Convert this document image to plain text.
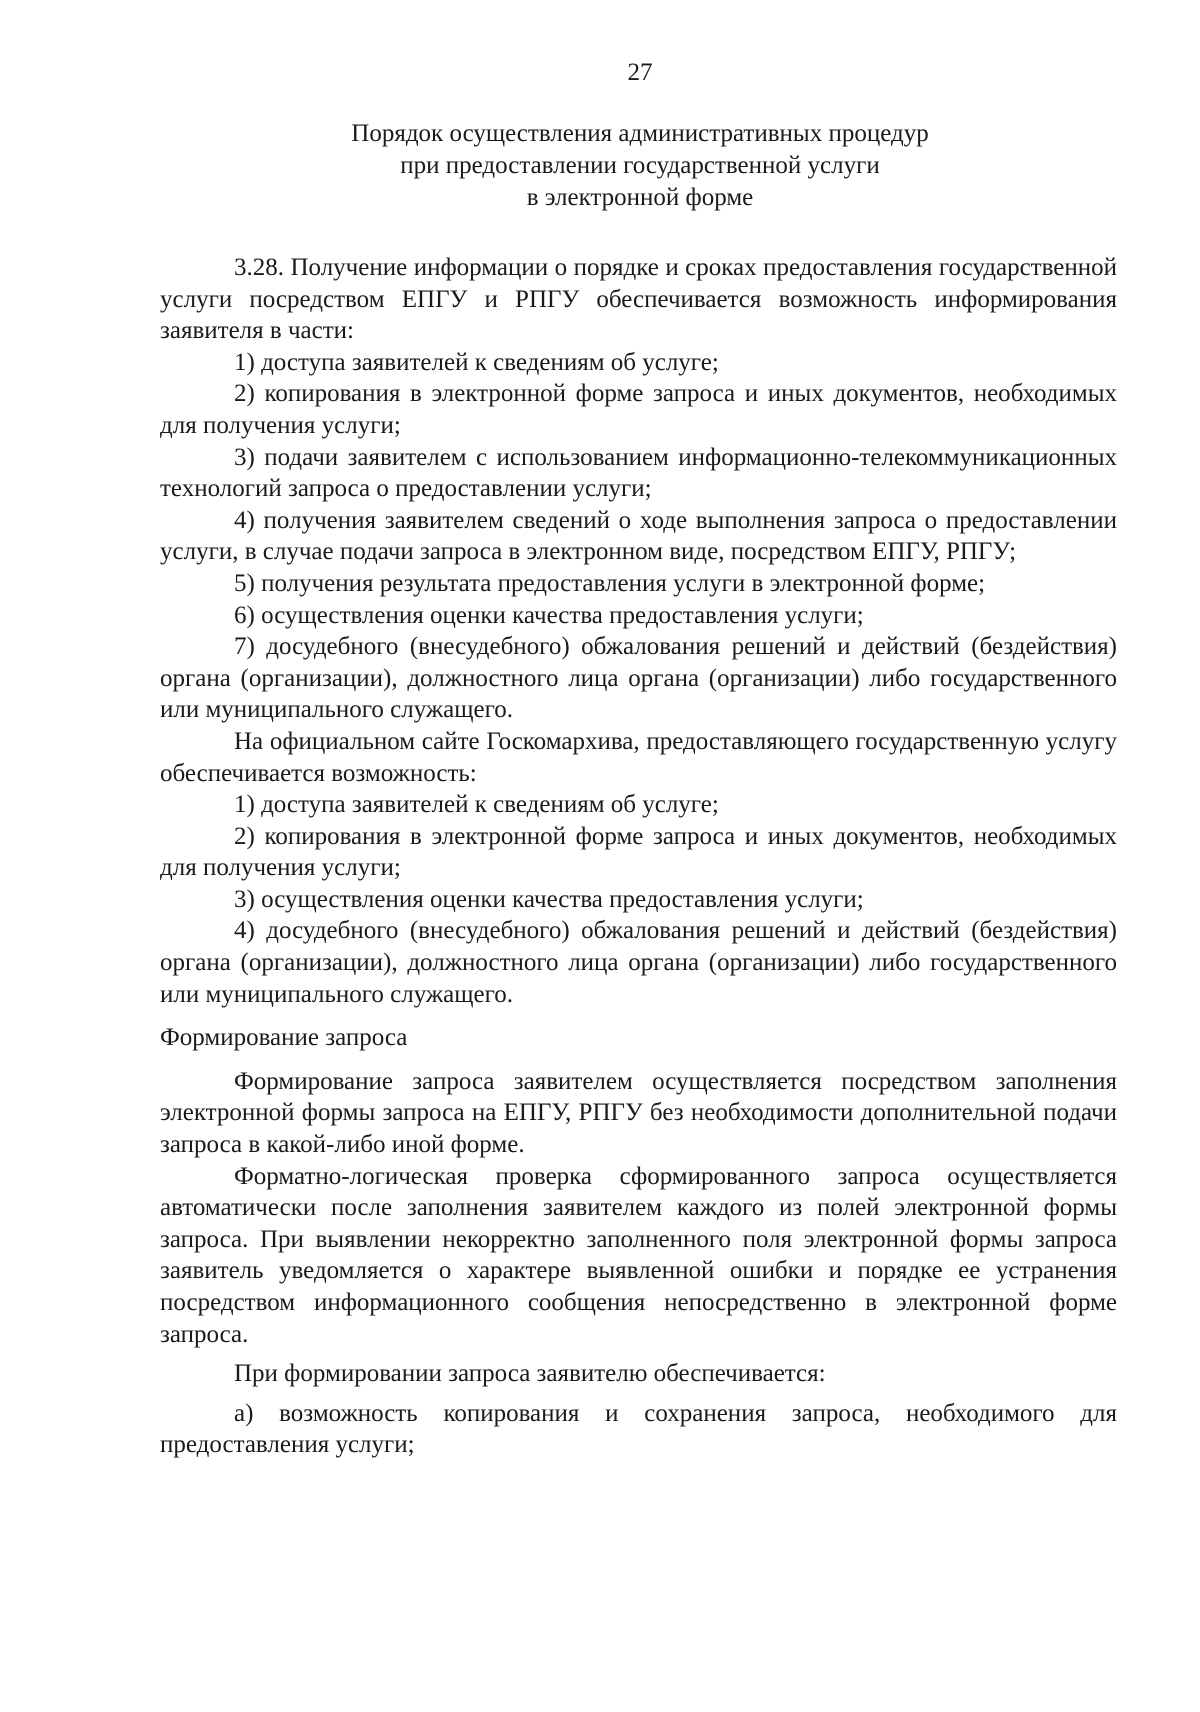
27
Порядок осуществления административных процедур
при предоставлении государственной услуги
в электронной форме

3.28. Получение информации о порядке и сроках предоставления государственной услуги посредством ЕПГУ и РПГУ обеспечивается возможность информирования заявителя в части:

1) доступа заявителей к сведениям об услуге;

2) копирования в электронной форме запроса и иных документов, необходимых для получения услуги;

3) подачи заявителем с использованием информационно-телекоммуникационных технологий запроса о предоставлении услуги;

4) получения заявителем сведений о ходе выполнения запроса о предоставлении услуги, в случае подачи запроса в электронном виде, посредством ЕПГУ, РПГУ;

5) получения результата предоставления услуги в электронной форме;

6) осуществления оценки качества предоставления услуги;

7) досудебного (внесудебного) обжалования решений и действий (бездействия) органа (организации), должностного лица органа (организации) либо государственного или муниципального служащего.

На официальном сайте Госкомархива, предоставляющего государственную услугу обеспечивается возможность:

1) доступа заявителей к сведениям об услуге;

2) копирования в электронной форме запроса и иных документов, необходимых для получения услуги;

3) осуществления оценки качества предоставления услуги;

4) досудебного (внесудебного) обжалования решений и действий (бездействия) органа (организации), должностного лица органа (организации) либо государственного или муниципального служащего.

Формирование запроса

Формирование запроса заявителем осуществляется посредством заполнения электронной формы запроса на ЕПГУ, РПГУ без необходимости дополнительной подачи запроса в какой-либо иной форме.

Форматно-логическая проверка сформированного запроса осуществляется автоматически после заполнения заявителем каждого из полей электронной формы запроса. При выявлении некорректно заполненного поля электронной формы запроса заявитель уведомляется о характере выявленной ошибки и порядке ее устранения посредством информационного сообщения непосредственно в электронной форме запроса.

При формировании запроса заявителю обеспечивается:

а) возможность копирования и сохранения запроса, необходимого для предоставления услуги;
